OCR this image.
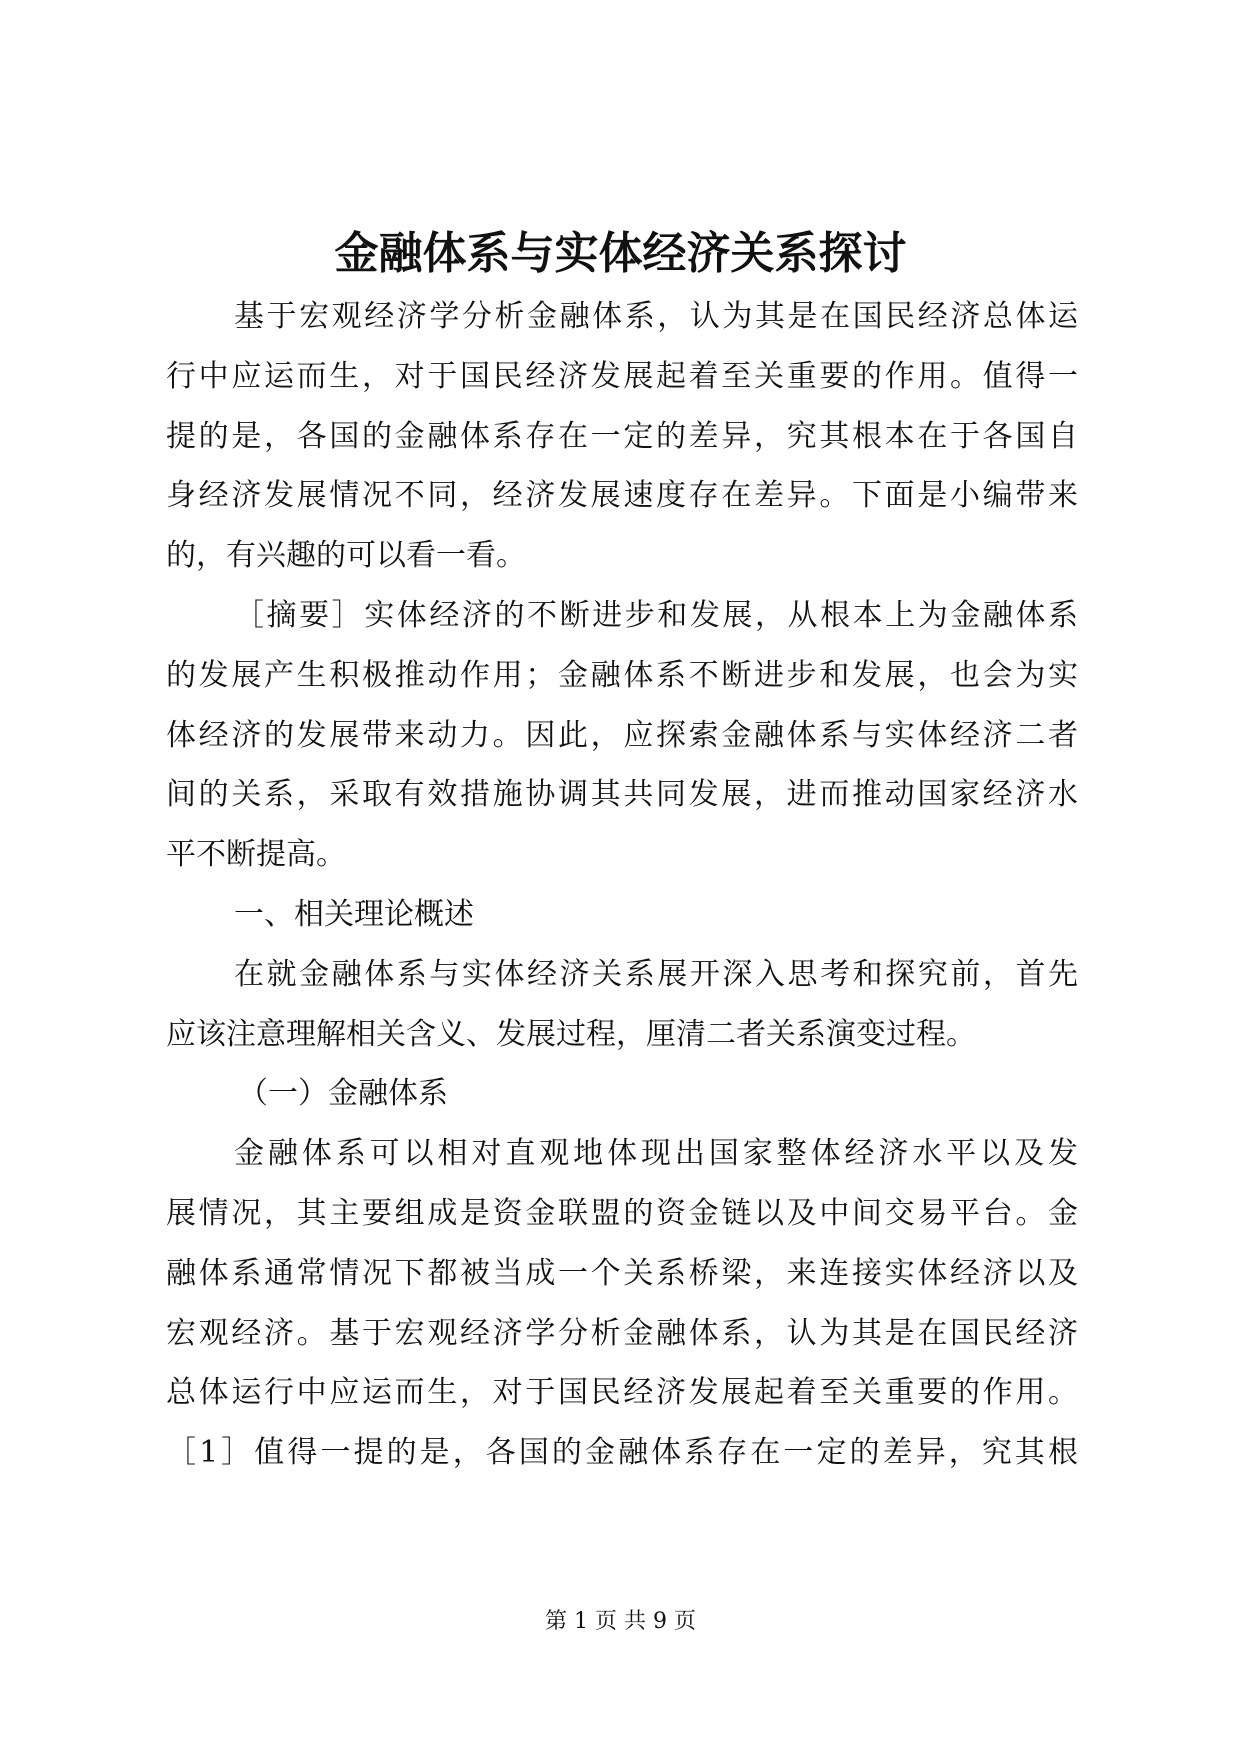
金融体系与实体经济关系探讨
基于宏观经济学分析金融体系，认为其是在国民经济总体运
行中应运而生，对于国民经济发展起着至关重要的作用。值得一
提的是，各国的金融体系存在一定的差异，究其根本在于各国自
身经济发展情况不同，经济发展速度存在差异。下面是小编带来
的，有兴趣的可以看一看。
［摘要］实体经济的不断进步和发展，从根本上为金融体系
的发展产生积极推动作用；金融体系不断进步和发展，也会为实
体经济的发展带来动力。因此，应探索金融体系与实体经济二者
间的关系，采取有效措施协调其共同发展，进而推动国家经济水
平不断提高。
一、相关理论概述
在就金融体系与实体经济关系展开深入思考和探究前，首先
应该注意理解相关含义、发展过程，厘清二者关系演变过程。
（一）金融体系
金融体系可以相对直观地体现出国家整体经济水平以及发
展情况，其主要组成是资金联盟的资金链以及中间交易平台。金
融体系通常情况下都被当成一个关系桥梁，来连接实体经济以及
宏观经济。基于宏观经济学分析金融体系，认为其是在国民经济
总体运行中应运而生，对于国民经济发展起着至关重要的作用。
［1］值得一提的是，各国的金融体系存在一定的差异，究其根
第 1 页 共 9 页
